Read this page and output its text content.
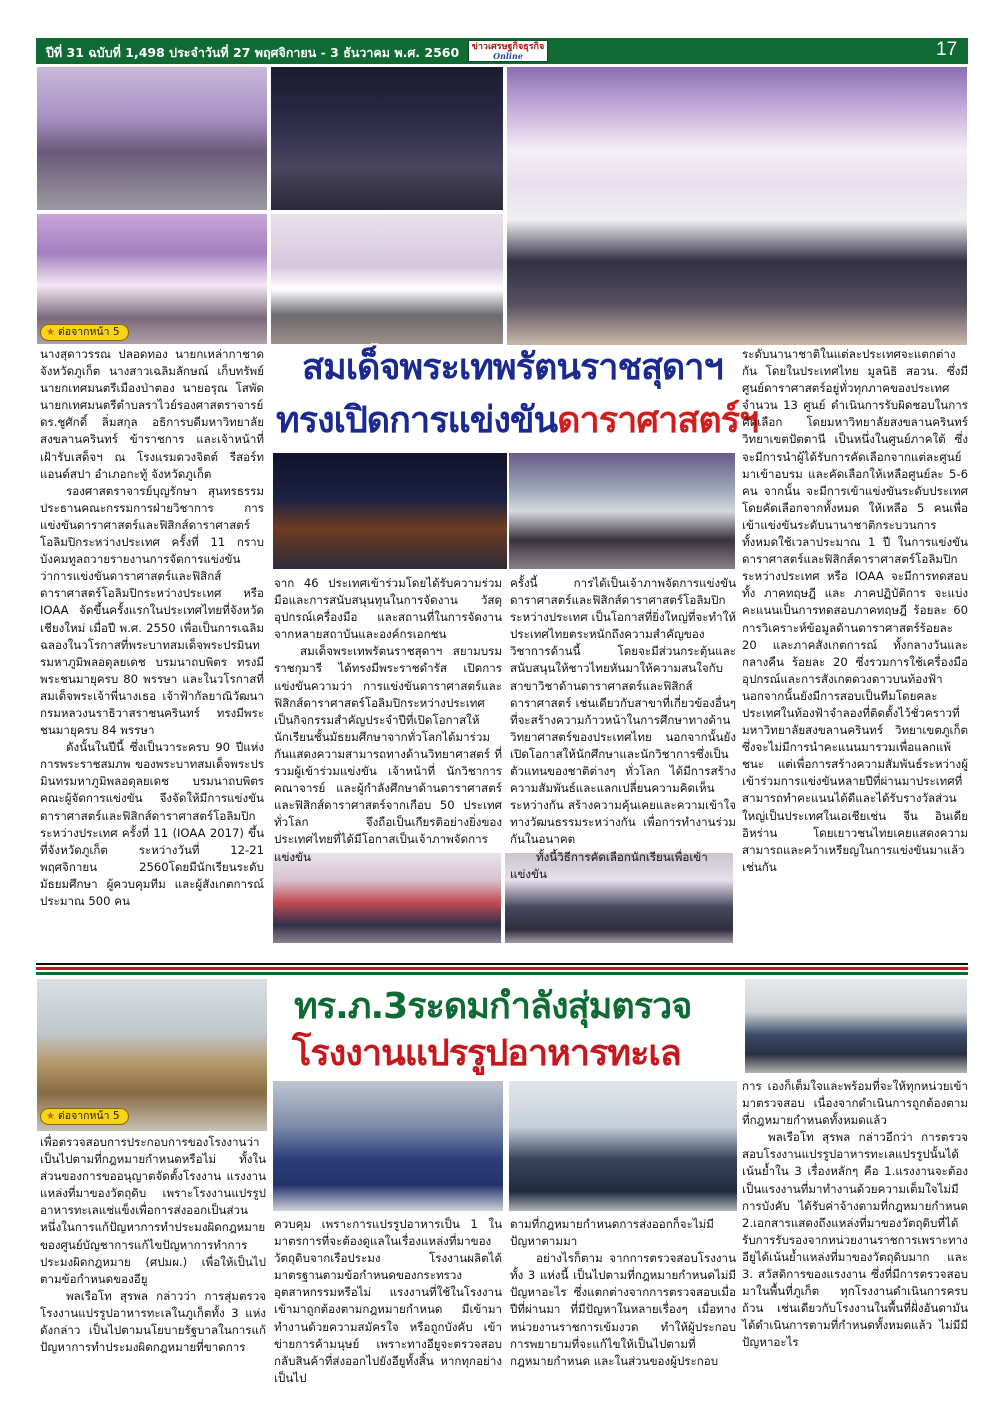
ปีที่ 31 ฉบับที่ 1,498 ประจำวันที่ 27 พฤศจิกายน - 3 ธันวาคม พ.ศ. 2560	ข่าวเศรษฐกิจธุรกิจ
Online	17
★ ต่อจากหน้า 5
สมเด็จพระเทพรัตนราชสุดาฯ
ทรงเปิดการแข่งขันดาราศาสตร์ฯ

นางสุดาวรรณ ปลอดทอง นายกเหล่ากาชาดจังหวัดภูเก็ต นางสาวเฉลิมลักษณ์ เก็บทรัพย์ นายกเทศมนตรีเมืองป่าตอง นายอรุณ โสพัด นายกเทศมนตรีตำบลราไวย์รองศาสตราจารย์ ดร.ชูศักดิ์ ลิ่มสกุล อธิการบดีมหาวิทยาลัยสงขลานครินทร์ ข้าราชการ และเจ้าหน้าที่ เฝ้ารับเสด็จฯ ณ โรงแรมดวงจิตต์ รีสอร์ทแอนด์สปา อำเภอกะทู้ จังหวัดภูเก็ต

รองศาสตราจารย์บุญรักษา สุนทรธรรม ประธานคณะกรรมการฝ่ายวิชาการ การแข่งขันดาราศาสตร์และฟิสิกส์ดาราศาสตร์โอลิมปิกระหว่างประเทศ ครั้งที่ 11 กราบบังคมทูลถวายรายงานการจัดการแข่งขันว่าการแข่งขันดาราศาสตร์และฟิสิกส์ดาราศาสตร์โอลิมปิกระหว่างประเทศ หรือ IOAA จัดขึ้นครั้งแรกในประเทศไทยที่จังหวัดเชียงใหม่ เมื่อปี พ.ศ. 2550 เพื่อเป็นการเฉลิมฉลองในวโรกาสที่พระบาทสมเด็จพระปรมินทรมหาภูมิพลอดุลยเดช บรมนาถบพิตร ทรงมีพระชนมายุครบ 80 พรรษา และในวโรกาสที่สมเด็จพระเจ้าพี่นางเธอ เจ้าฟ้ากัลยาณิวัฒนา กรมหลวงนราธิวาสราชนครินทร์ ทรงมีพระชนมายุครบ 84 พรรษา

ดังนั้นในปีนี้ ซึ่งเป็นวาระครบ 90 ปีแห่งการพระราชสมภพ ของพระบาทสมเด็จพระปรมินทรมหาภูมิพลอดุลยเดช บรมนาถบพิตร คณะผู้จัดการแข่งขัน จึงจัดให้มีการแข่งขันดาราศาสตร์และฟิสิกส์ดาราศาสตร์โอลิมปิกระหว่างประเทศ ครั้งที่ 11 (IOAA 2017) ขึ้นที่จังหวัดภูเก็ต ระหว่างวันที่ 12-21 พฤศจิกายน 2560โดยมีนักเรียนระดับมัธยมศึกษา ผู้ควบคุมทีม และผู้สังเกตการณ์ ประมาณ 500 คน

จาก 46 ประเทศเข้าร่วมโดยได้รับความร่วมมือและการสนับสนุนทุนในการจัดงาน วัสดุอุปกรณ์เครื่องมือ และสถานที่ในการจัดงานจากหลายสถาบันและองค์กรเอกชน

สมเด็จพระเทพรัตนราชสุดาฯ สยามบรมราชกุมารี ได้ทรงมีพระราชดำรัส เปิดการแข่งขันความว่า การแข่งขันดาราศาสตร์และฟิสิกส์ดาราศาสตร์โอลิมปิกระหว่างประเทศเป็นกิจกรรมสำคัญประจำปีที่เปิดโอกาสให้นักเรียนชั้นมัธยมศึกษาจากทั่วโลกได้มาร่วมกันแสดงความสามารถทางด้านวิทยาศาสตร์ ที่รวมผู้เข้าร่วมแข่งขัน เจ้าหน้าที่ นักวิชาการ คณาจารย์ และผู้กำลังศึกษาด้านดาราศาสตร์และฟิสิกส์ดาราศาสตร์จากเกือบ 50 ประเทศทั่วโลก จึงถือเป็นเกียรติอย่างยิ่งของประเทศไทยที่ได้มีโอกาสเป็นเจ้าภาพจัดการแข่งขัน

ครั้งนี้ การได้เป็นเจ้าภาพจัดการแข่งขันดาราศาสตร์และฟิสิกส์ดาราศาสตร์โอลิมปิกระหว่างประเทศ เป็นโอกาสที่ยิ่งใหญ่ที่จะทำให้ประเทศไทยตระหนักถึงความสำคัญของวิชาการด้านนี้ โดยจะมีส่วนกระตุ้นและสนับสนุนให้ชาวไทยหันมาให้ความสนใจกับสาขาวิชาด้านดาราศาสตร์และฟิสิกส์ดาราศาสตร์ เช่นเดียวกับสาขาที่เกี่ยวข้องอื่นๆ ที่จะสร้างความก้าวหน้าในการศึกษาทางด้านวิทยาศาสตร์ของประเทศไทย นอกจากนั้นยังเปิดโอกาสให้นักศึกษาและนักวิชาการซึ่งเป็นตัวแทนของชาติต่างๆ ทั่วโลก ได้มีการสร้างความสัมพันธ์และแลกเปลี่ยนความคิดเห็นระหว่างกัน สร้างความคุ้นเคยและความเข้าใจทางวัฒนธรรมระหว่างกัน เพื่อการทำงานร่วมกันในอนาคต

ทั้งนี้วิธีการคัดเลือกนักเรียนเพื่อเข้าแข่งขัน

ระดับนานาชาติในแต่ละประเทศจะแตกต่างกัน โดยในประเทศไทย มูลนิธิ สอวน. ซึ่งมีศูนย์ดาราศาสตร์อยู่ทั่วทุกภาคของประเทศจำนวน 13 ศูนย์ ดำเนินการรับผิดชอบในการคัดเลือก โดยมหาวิทยาลัยสงขลานครินทร์ วิทยาเขตปัตตานี เป็นหนึ่งในศูนย์ภาคใต้ ซึ่งจะมีการนำผู้ได้รับการคัดเลือกจากแต่ละศูนย์มาเข้าอบรม และคัดเลือกให้เหลือศูนย์ละ 5-6 คน จากนั้น จะมีการเข้าแข่งขันระดับประเทศโดยคัดเลือกจากทั้งหมด ให้เหลือ 5 คนเพื่อเข้าแข่งขันระดับนานาชาติกระบวนการทั้งหมดใช้เวลาประมาณ 1 ปี ในการแข่งขันดาราศาสตร์และฟิสิกส์ดาราศาสตร์โอลิมปิกระหว่างประเทศ หรือ IOAA จะมีการทดสอบทั้ง ภาคทฤษฎี และ ภาคปฏิบัติการ จะแบ่งคะแนนเป็นการทดสอบภาคทฤษฎี ร้อยละ 60 การวิเคราะห์ข้อมูลด้านดาราศาสตร์ร้อยละ 20 และภาคสังเกตการณ์ ทั้งกลางวันและกลางคืน ร้อยละ 20 ซึ่งรวมการใช้เครื่องมืออุปกรณ์และการสังเกตดวงดาวบนท้องฟ้านอกจากนั้นยังมีการสอบเป็นทีมโดยคละประเทศในท้องฟ้าจำลองที่ติดตั้งไว้ชั่วคราวที่มหาวิทยาลัยสงขลานครินทร์ วิทยาเขตภูเก็ต ซึ่งจะไม่มีการนำคะแนนมารวมเพื่อแลกแพ้ชนะ แต่เพื่อการสร้างความสัมพันธ์ระหว่างผู้เข้าร่วมการแข่งขันหลายปีที่ผ่านมาประเทศที่สามารถทำคะแนนได้ดีและได้รับรางวัลส่วนใหญ่เป็นประเทศในเอเชียเช่น จีน อินเดีย อิหร่าน โดยเยาวชนไทยเคยแสดงความสามารถและคว้าเหรียญในการแข่งขันมาแล้วเช่นกัน

★ ต่อจากหน้า 5
ทร.ภ.3ระดมกำลังสุ่มตรวจ
โรงงานแปรรูปอาหารทะเล

เพื่อตรวจสอบการประกอบการของโรงงานว่าเป็นไปตามที่กฎหมายกำหนดหรือไม่ ทั้งในส่วนของการขออนุญาตจัดตั้งโรงงาน แรงงานแหล่งที่มาของวัตถุดิบ เพราะโรงงานแปรรูปอาหารทะเลแช่แข็งเพื่อการส่งออกเป็นส่วนหนึ่งในการแก้ปัญหาการทำประมงผิดกฎหมายของศูนย์บัญชาการแก้ไขปัญหาการทำการประมงผิดกฎหมาย (ศปมผ.) เพื่อให้เป็นไปตามข้อกำหนดของอียู

พลเรือโท สุรพล กล่าวว่า การสุ่มตรวจโรงงานแปรรูปอาหารทะเลในภูเก็ตทั้ง 3 แห่งดังกล่าว เป็นไปตามนโยบายรัฐบาลในการแก้ปัญหาการทำประมงผิดกฎหมายที่ขาดการ

ควบคุม เพราะการแปรรูปอาหารเป็น 1 ในมาตรการที่จะต้องดูแลในเรื่องแหล่งที่มาของวัตถุดิบจากเรือประมง โรงงานผลิตได้มาตรฐานตามข้อกำหนดของกระทรวงอุตสาหกรรมหรือไม่ แรงงานที่ใช้ในโรงงานเข้ามาถูกต้องตามกฎหมายกำหนด มีเข้ามาทำงานด้วยความสมัครใจ หรือถูกบังคับ เข้าข่ายการค้ามนุษย์ เพราะทางอียูจะตรวจสอบกลับสินค้าที่ส่งออกไปยังอียูทั้งสิ้น หากทุกอย่างเป็นไป

ตามที่กฎหมายกำหนดการส่งออกก็จะไม่มีปัญหาตามมา

อย่างไรก็ตาม จากการตรวจสอบโรงงานทั้ง 3 แห่งนี้ เป็นไปตามที่กฎหมายกำหนดไม่มีปัญหาอะไร ซึ่งแตกต่างจากการตรวจสอบเมื่อปีที่ผ่านมา ที่มีปัญหาในหลายเรื่องๆ เมื่อทางหน่วยงานราชการเข้มงวด ทำให้ผู้ประกอบการพยายามที่จะแก้ไขให้เป็นไปตามที่กฎหมายกำหนด และในส่วนของผู้ประกอบ

การ เองก็เต็มใจและพร้อมที่จะให้ทุกหน่วยเข้ามาตรวจสอบ เนื่องจากดำเนินการถูกต้องตามที่กฎหมายกำหนดทั้งหมดแล้ว

พลเรือโท สุรพล กล่าวอีกว่า การตรวจสอบโรงงานแปรรูปอาหารทะเลแปรรูปนั้นได้เน้นย้ำใน 3 เรื่องหลักๆ คือ 1.แรงงานจะต้องเป็นแรงงานที่มาทำงานด้วยความเต็มใจไม่มีการบังคับ ได้รับค่าจ้างตามที่กฎหมายกำหนด 2.เอกสารแสดงถึงแหล่งที่มาของวัตถุดิบที่ได้รับการรับรองจากหน่วยงานราชการเพราะทางอียูได้เน้นย้ำแหล่งที่มาของวัตถุดิบมาก และ 3. สวัสดิการของแรงงาน ซึ่งที่มีการตรวจสอบมาในพื้นที่ภูเก็ต ทุกโรงงานดำเนินการครบถ้วน เช่นเดียวกับโรงงานในพื้นที่ฝั่งอันดามันได้ดำเนินการตามที่กำหนดทั้งหมดแล้ว ไม่มีมีปัญหาอะไร
